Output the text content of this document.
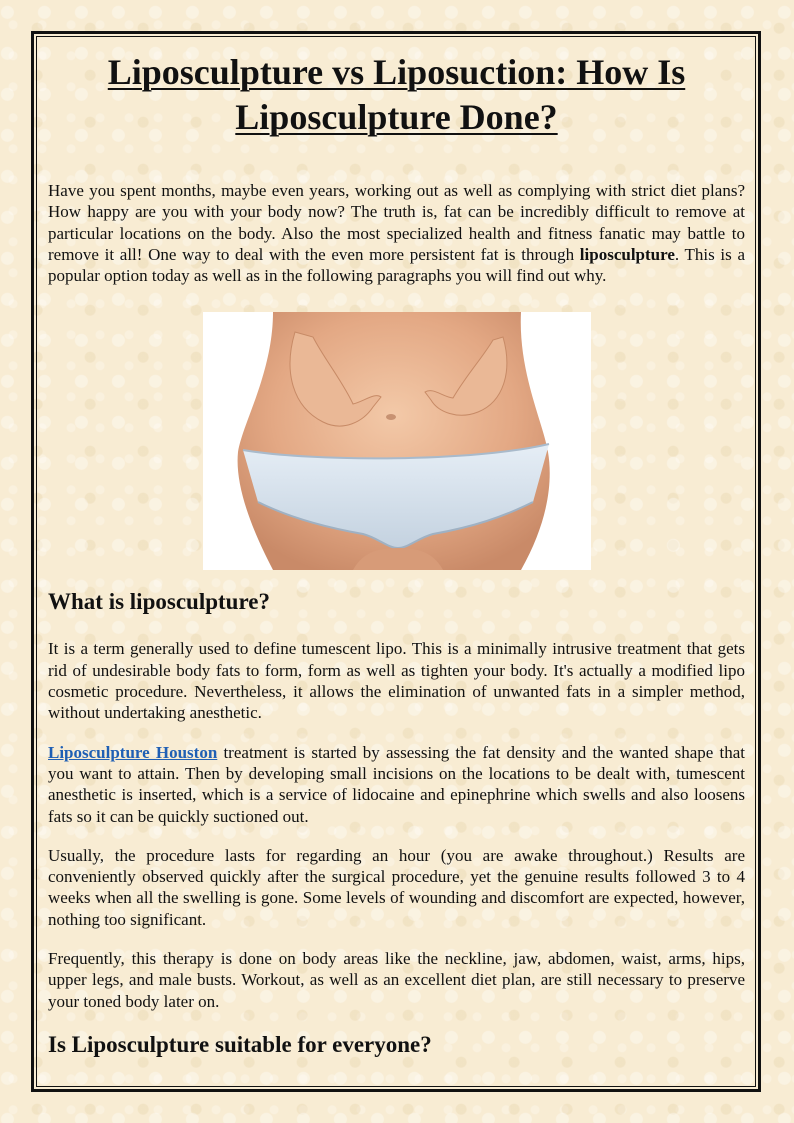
Liposculpture vs Liposuction: How Is Liposculpture Done?

Have you spent months, maybe even years, working out as well as complying with strict diet plans? How happy are you with your body now? The truth is, fat can be incredibly difficult to remove at particular locations on the body. Also the most specialized health and fitness fanatic may battle to remove it all! One way to deal with the even more persistent fat is through liposculpture. This is a popular option today as well as in the following paragraphs you will find out why.

What is liposculpture?

It is a term generally used to define tumescent lipo. This is a minimally intrusive treatment that gets rid of undesirable body fats to form, form as well as tighten your body. It's actually a modified lipo cosmetic procedure. Nevertheless, it allows the elimination of unwanted fats in a simpler method, without undertaking anesthetic.

Liposculpture Houston treatment is started by assessing the fat density and the wanted shape that you want to attain. Then by developing small incisions on the locations to be dealt with, tumescent anesthetic is inserted, which is a service of lidocaine and epinephrine which swells and also loosens fats so it can be quickly suctioned out.

Usually, the procedure lasts for regarding an hour (you are awake throughout.) Results are conveniently observed quickly after the surgical procedure, yet the genuine results followed 3 to 4 weeks when all the swelling is gone. Some levels of wounding and discomfort are expected, however, nothing too significant.

Frequently, this therapy is done on body areas like the neckline, jaw, abdomen, waist, arms, hips, upper legs, and male busts. Workout, as well as an excellent diet plan, are still necessary to preserve your toned body later on.

Is Liposculpture suitable for everyone?
